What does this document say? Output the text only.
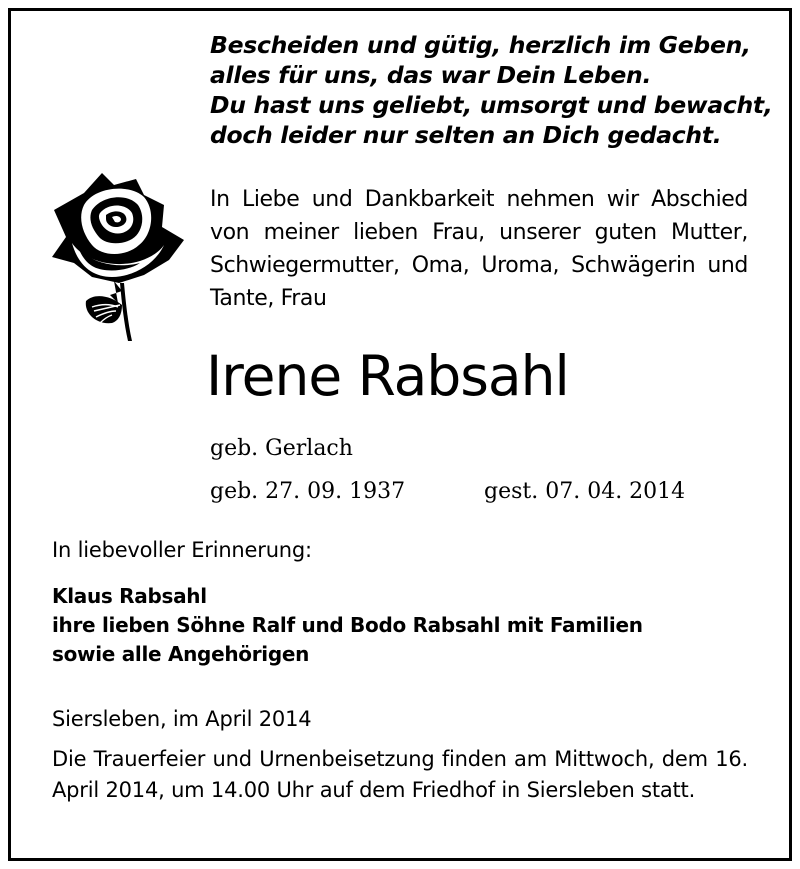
Bescheiden und gütig, herzlich im Geben,
alles für uns, das war Dein Leben.
Du hast uns geliebt, umsorgt und bewacht,
doch leider nur selten an Dich gedacht.
In Liebe und Dankbarkeit nehmen wir Abschied von meiner lieben Frau, unserer guten Mutter, Schwiegermutter, Oma, Uroma, Schwägerin und Tante, Frau
Irene Rabsahl
geb. Gerlach
geb. 27. 09. 1937	gest. 07. 04. 2014
In liebevoller Erinnerung:
Klaus Rabsahl
ihre lieben Söhne Ralf und Bodo Rabsahl mit Familien
sowie alle Angehörigen
Siersleben, im April 2014
Die Trauerfeier und Urnenbeisetzung finden am Mittwoch, dem 16. April 2014, um 14.00 Uhr auf dem Friedhof in Siersleben statt.
